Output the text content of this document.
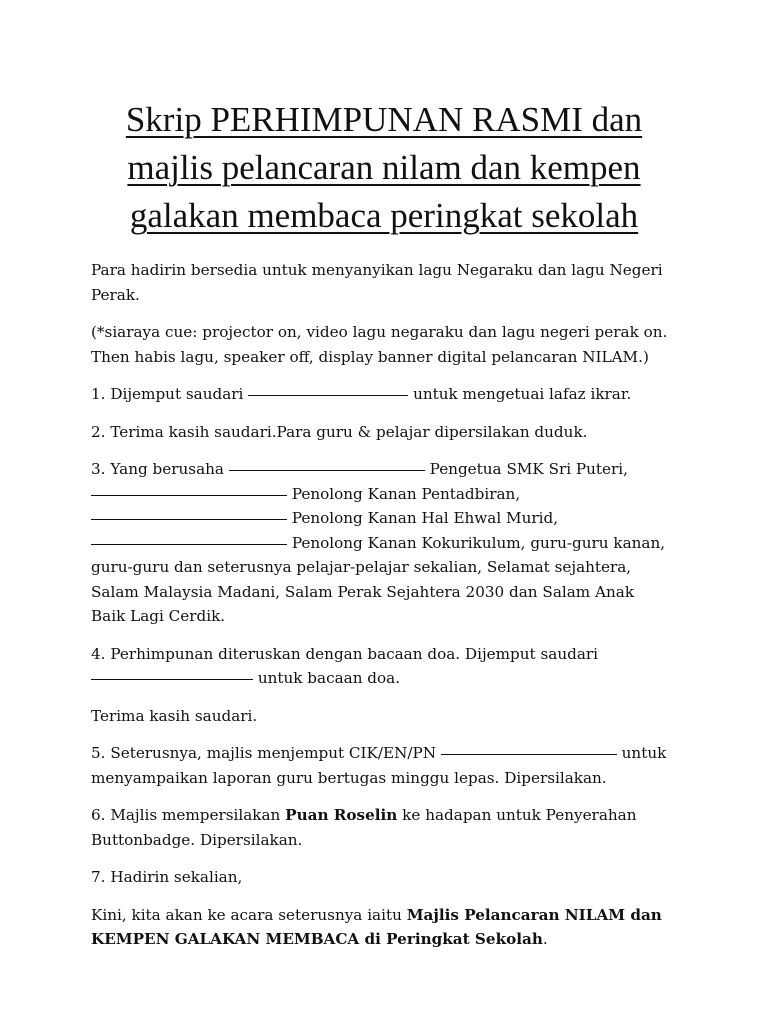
Skrip PERHIMPUNAN RASMI dan
majlis pelancaran nilam dan kempen
galakan membaca peringkat sekolah

Para hadirin bersedia untuk menyanyikan lagu Negaraku dan lagu Negeri Perak.

(*siaraya cue: projector on, video lagu negaraku dan lagu negeri perak on. Then habis lagu, speaker off, display banner digital pelancaran NILAM.)

1. Dijemput saudari	untuk mengetuai lafaz ikrar.

2. Terima kasih saudari.Para guru & pelajar dipersilakan duduk.

3. Yang berusaha	Pengetua SMK Sri Puteri,
Penolong Kanan Pentadbiran,
Penolong Kanan Hal Ehwal Murid,
Penolong Kanan Kokurikulum, guru-guru kanan, guru-guru dan seterusnya pelajar-pelajar sekalian, Selamat sejahtera, Salam Malaysia Madani, Salam Perak Sejahtera 2030 dan Salam Anak Baik Lagi Cerdik.

4. Perhimpunan diteruskan dengan bacaan doa. Dijemput saudari
untuk bacaan doa.

Terima kasih saudari.

5. Seterusnya, majlis menjemput CIK/EN/PN	untuk menyampaikan laporan guru bertugas minggu lepas. Dipersilakan.

6. Majlis mempersilakan Puan Roselin ke hadapan untuk Penyerahan Buttonbadge. Dipersilakan.

7. Hadirin sekalian,

Kini, kita akan ke acara seterusnya iaitu Majlis Pelancaran NILAM dan KEMPEN GALAKAN MEMBACA di Peringkat Sekolah.
